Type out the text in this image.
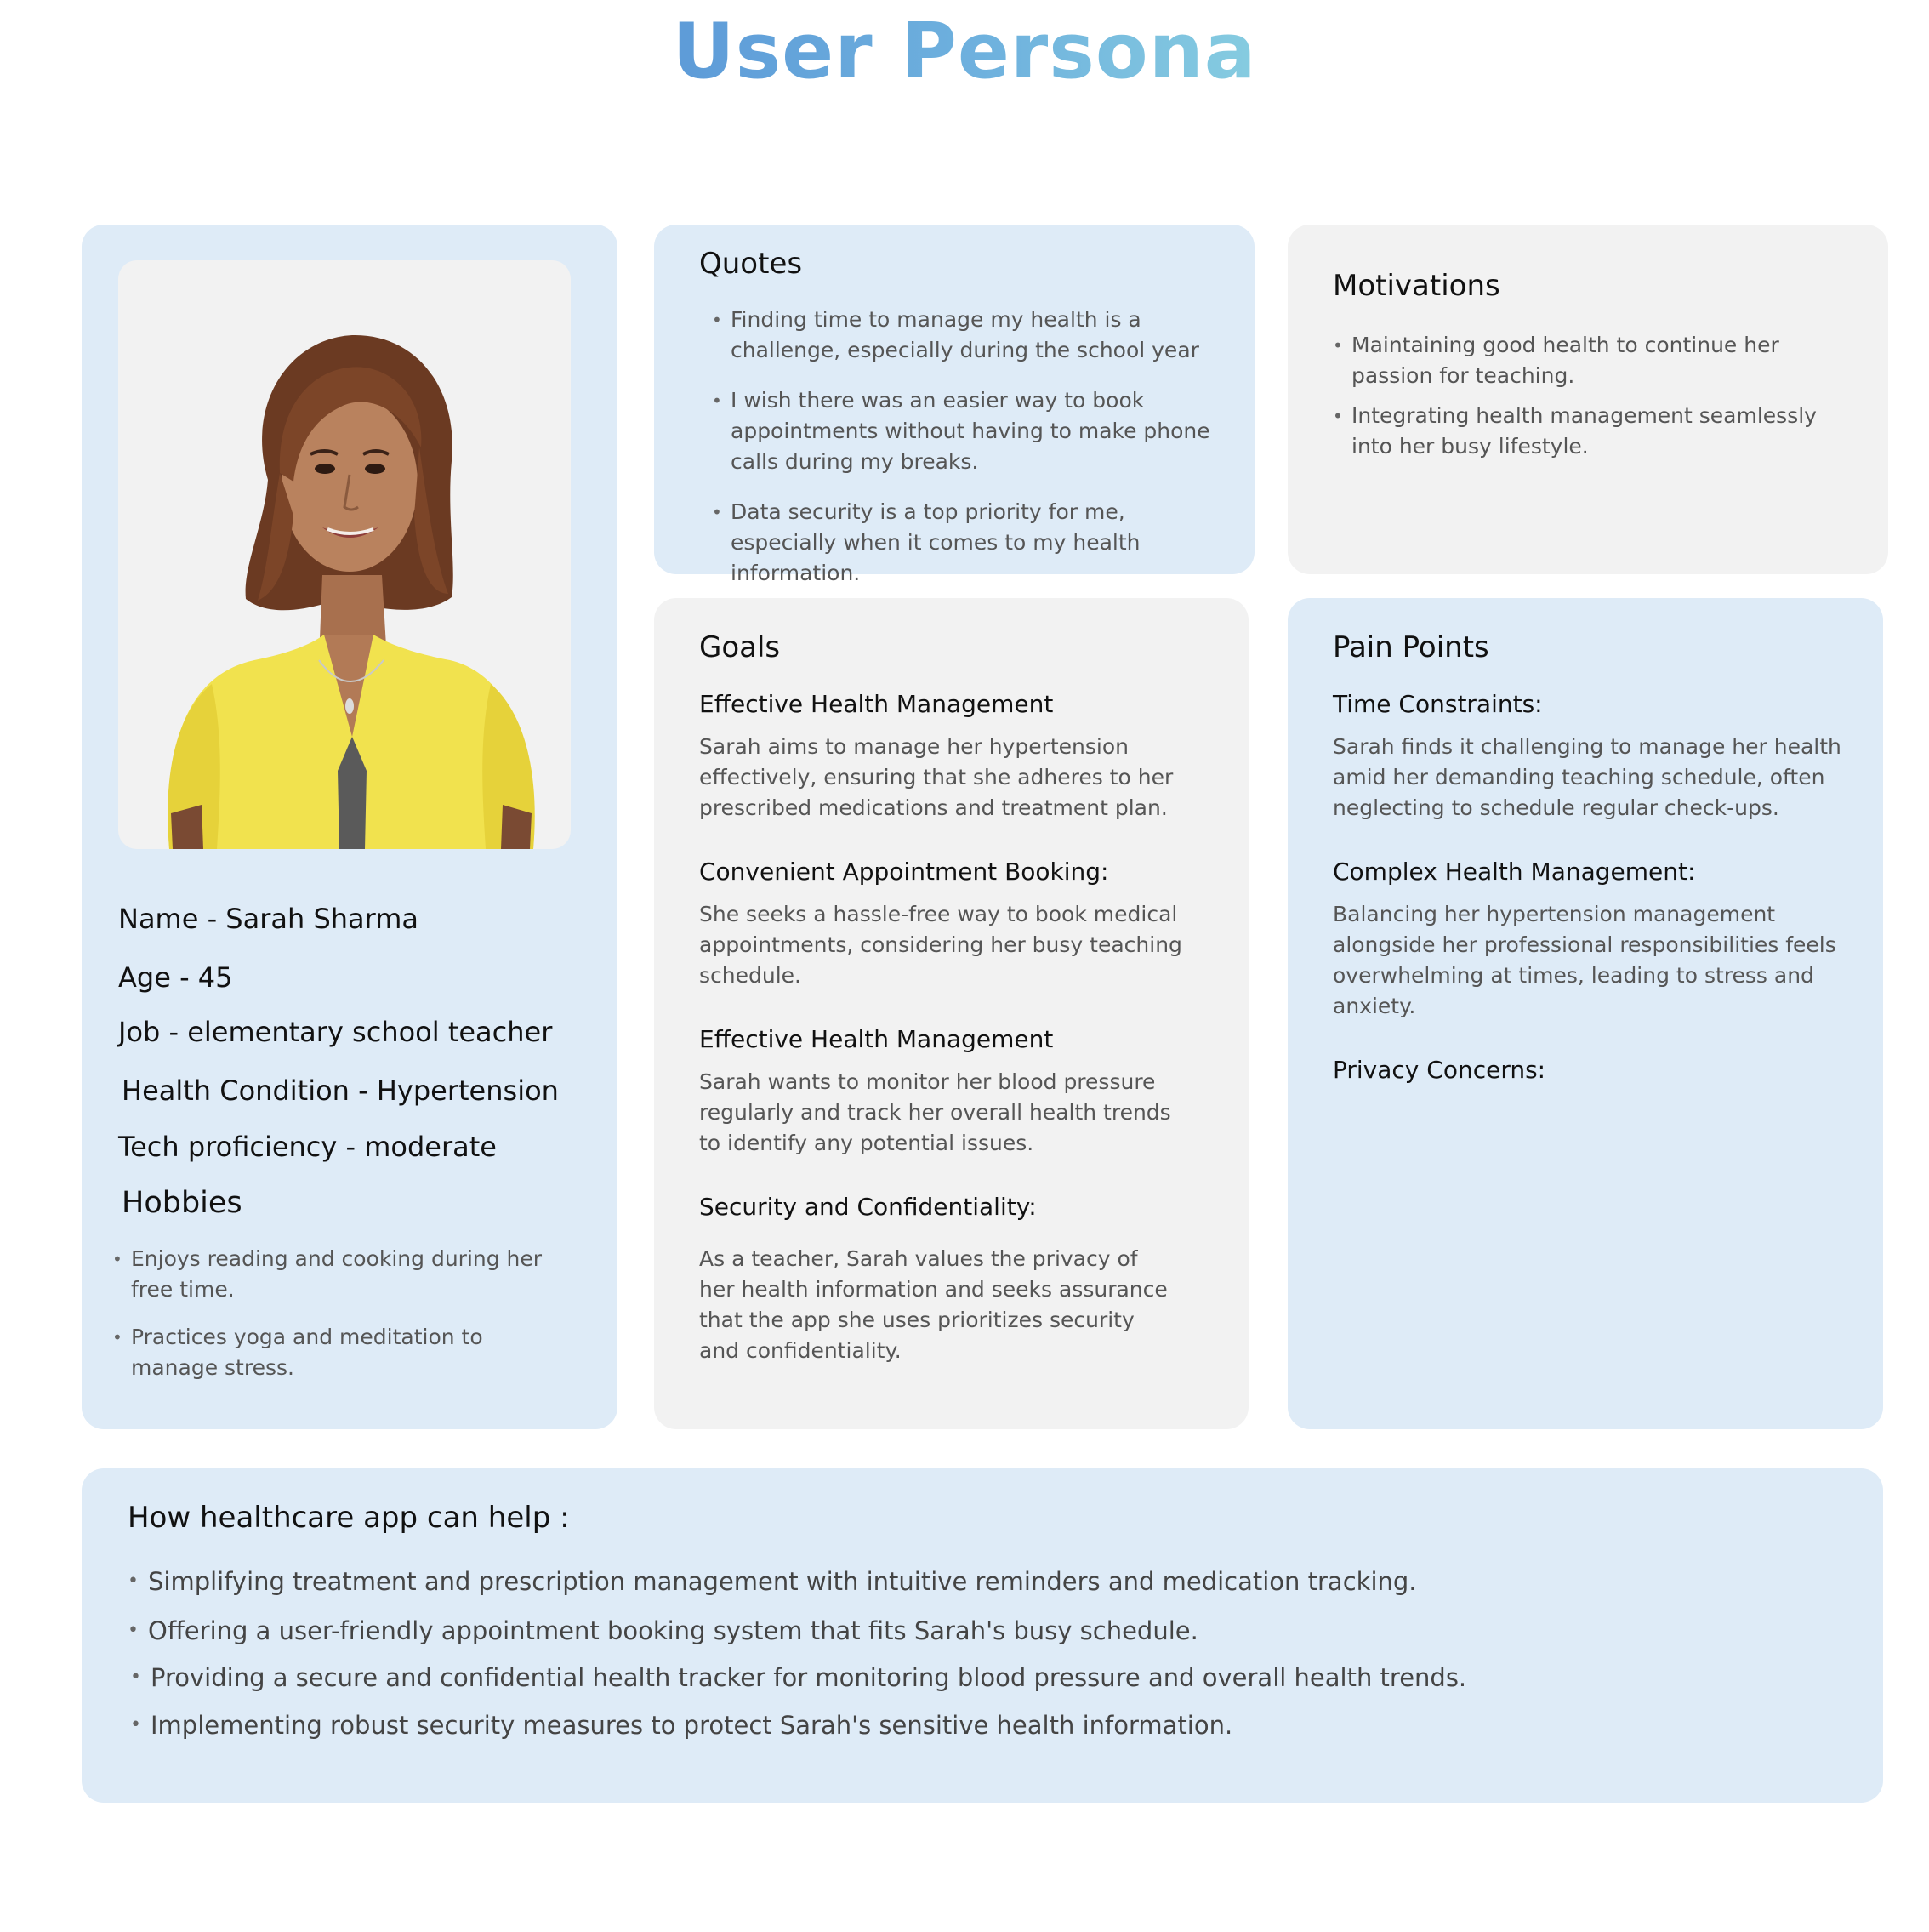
User Persona
Name - Sarah Sharma
Age - 45
Job - elementary school teacher
Health Condition - Hypertension
Tech proficiency - moderate
Hobbies
• Enjoys reading and cooking during her free time.
• Practices yoga and meditation to manage stress.
Quotes
• Finding time to manage my health is a challenge, especially during the school year
• I wish there was an easier way to book appointments without having to make phone calls during my breaks.
• Data security is a top priority for me, especially when it comes to my health information.
Motivations
• Maintaining good health to continue her passion for teaching.
• Integrating health management seamlessly into her busy lifestyle.
Goals
Effective Health Management
Sarah aims to manage her hypertension effectively, ensuring that she adheres to her prescribed medications and treatment plan.
Convenient Appointment Booking:
She seeks a hassle-free way to book medical appointments, considering her busy teaching schedule.
Effective Health Management
Sarah wants to monitor her blood pressure regularly and track her overall health trends to identify any potential issues.
Security and Confidentiality:
As a teacher, Sarah values the privacy of her health information and seeks assurance that the app she uses prioritizes security and confidentiality.
Pain Points
Time Constraints:
Sarah finds it challenging to manage her health amid her demanding teaching schedule, often neglecting to schedule regular check-ups.
Complex Health Management:
Balancing her hypertension management alongside her professional responsibilities feels overwhelming at times, leading to stress and anxiety.
Privacy Concerns:
How healthcare app can help :
• Simplifying treatment and prescription management with intuitive reminders and medication tracking.
• Offering a user-friendly appointment booking system that fits Sarah's busy schedule.
• Providing a secure and confidential health tracker for monitoring blood pressure and overall health trends.
• Implementing robust security measures to protect Sarah's sensitive health information.
